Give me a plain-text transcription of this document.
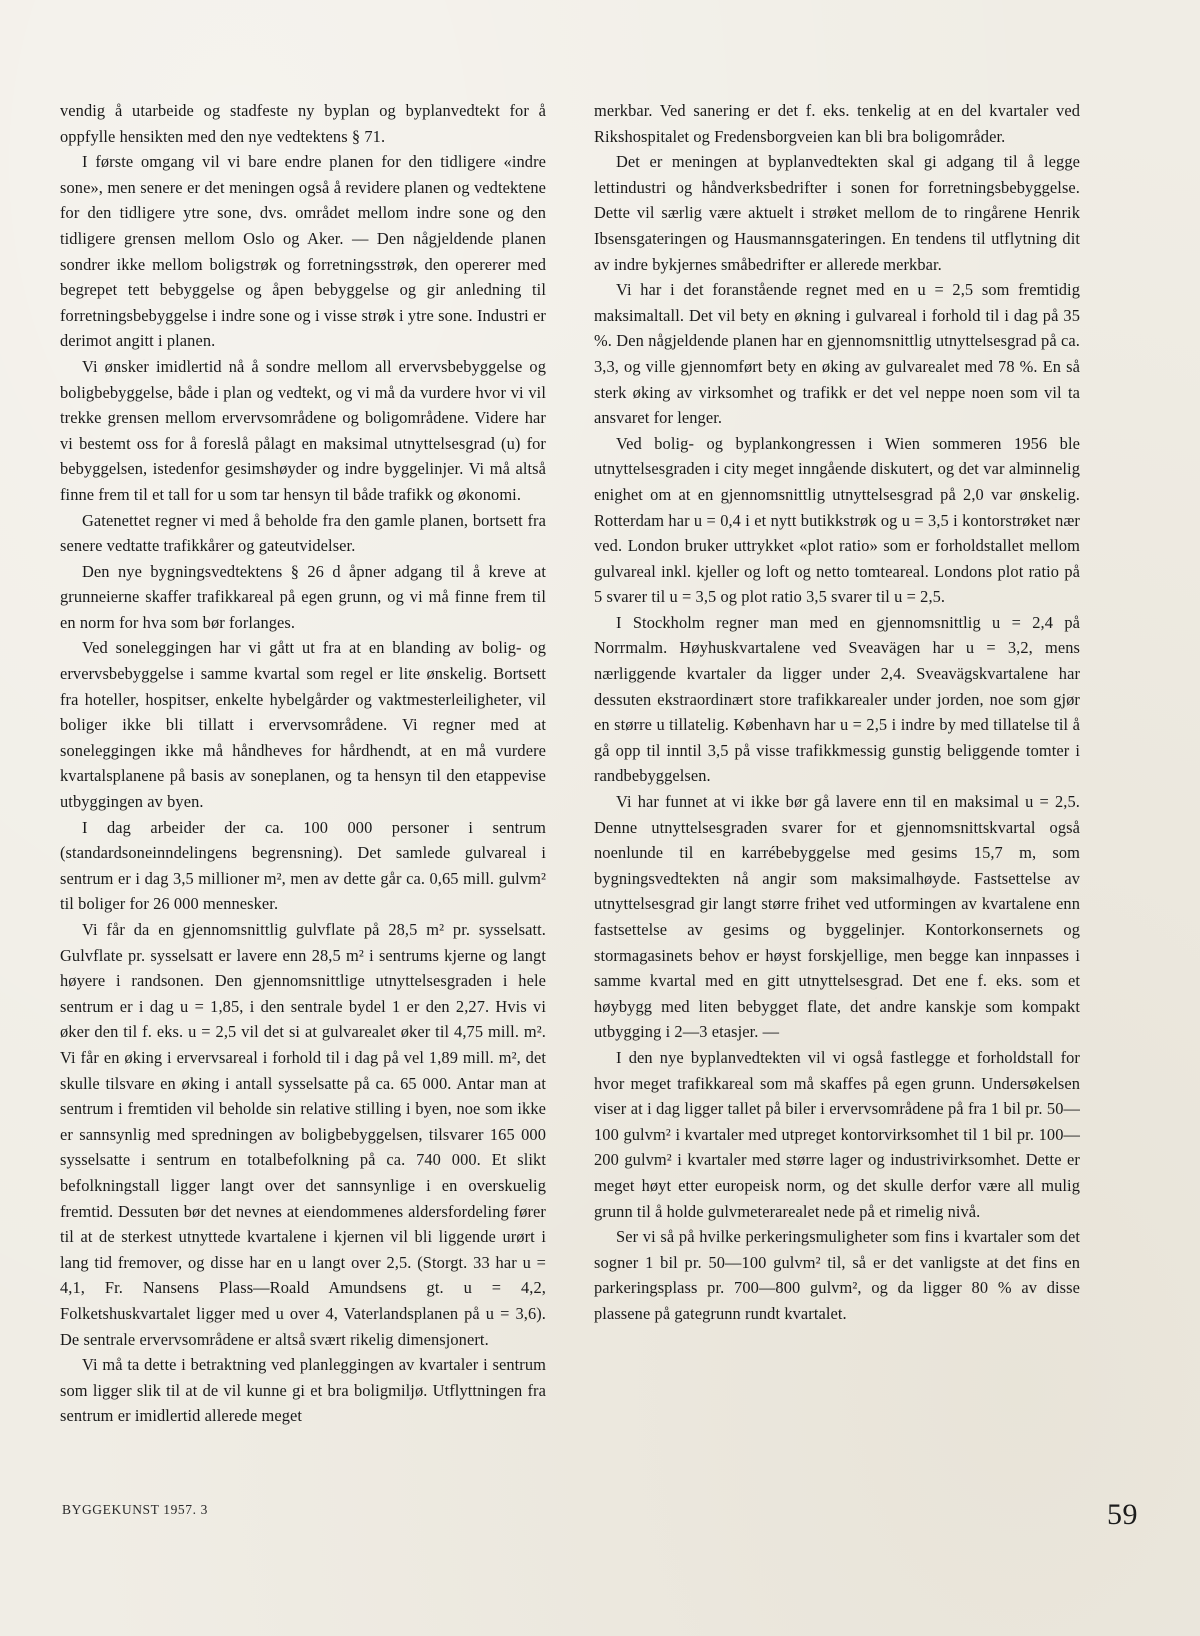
vendig å utarbeide og stadfeste ny byplan og byplanvedtekt for å oppfylle hensikten med den nye vedtektens § 71.

I første omgang vil vi bare endre planen for den tidligere «indre sone», men senere er det meningen også å revidere planen og vedtektene for den tidligere ytre sone, dvs. området mellom indre sone og den tidligere grensen mellom Oslo og Aker. — Den någjeldende planen sondrer ikke mellom boligstrøk og forretningsstrøk, den opererer med begrepet tett bebyggelse og åpen bebyggelse og gir anledning til forretningsbebyggelse i indre sone og i visse strøk i ytre sone. Industri er derimot angitt i planen.

Vi ønsker imidlertid nå å sondre mellom all ervervsbebyggelse og boligbebyggelse, både i plan og vedtekt, og vi må da vurdere hvor vi vil trekke grensen mellom ervervsområdene og boligområdene. Videre har vi bestemt oss for å foreslå pålagt en maksimal utnyttelsesgrad (u) for bebyggelsen, istedenfor gesimshøyder og indre byggelinjer. Vi må altså finne frem til et tall for u som tar hensyn til både trafikk og økonomi.

Gatenettet regner vi med å beholde fra den gamle planen, bortsett fra senere vedtatte trafikkårer og gateutvidelser.

Den nye bygningsvedtektens § 26 d åpner adgang til å kreve at grunneierne skaffer trafikkareal på egen grunn, og vi må finne frem til en norm for hva som bør forlanges.

Ved soneleggingen har vi gått ut fra at en blanding av bolig- og ervervsbebyggelse i samme kvartal som regel er lite ønskelig. Bortsett fra hoteller, hospitser, enkelte hybelgårder og vaktmesterleiligheter, vil boliger ikke bli tillatt i ervervsområdene. Vi regner med at soneleggingen ikke må håndheves for hårdhendt, at en må vurdere kvartalsplanene på basis av soneplanen, og ta hensyn til den etappevise utbyggingen av byen.

I dag arbeider der ca. 100 000 personer i sentrum (standardsoneinndelingens begrensning). Det samlede gulvareal i sentrum er i dag 3,5 millioner m², men av dette går ca. 0,65 mill. gulvm² til boliger for 26 000 mennesker.

Vi får da en gjennomsnittlig gulvflate på 28,5 m² pr. sysselsatt. Gulvflate pr. sysselsatt er lavere enn 28,5 m² i sentrums kjerne og langt høyere i randsonen. Den gjennomsnittlige utnyttelsesgraden i hele sentrum er i dag u = 1,85, i den sentrale bydel 1 er den 2,27. Hvis vi øker den til f. eks. u = 2,5 vil det si at gulvarealet øker til 4,75 mill. m². Vi får en øking i ervervsareal i forhold til i dag på vel 1,89 mill. m², det skulle tilsvare en øking i antall sysselsatte på ca. 65 000. Antar man at sentrum i fremtiden vil beholde sin relative stilling i byen, noe som ikke er sannsynlig med spredningen av boligbebyggelsen, tilsvarer 165 000 sysselsatte i sentrum en totalbefolkning på ca. 740 000. Et slikt befolkningstall ligger langt over det sannsynlige i en overskuelig fremtid. Dessuten bør det nevnes at eiendommenes aldersfordeling fører til at de sterkest utnyttede kvartalene i kjernen vil bli liggende urørt i lang tid fremover, og disse har en u langt over 2,5. (Storgt. 33 har u = 4,1, Fr. Nansens Plass—Roald Amundsens gt. u = 4,2, Folketshuskvartalet ligger med u over 4, Vaterlandsplanen på u = 3,6). De sentrale ervervsområdene er altså svært rikelig dimensjonert.

Vi må ta dette i betraktning ved planleggingen av kvartaler i sentrum som ligger slik til at de vil kunne gi et bra boligmiljø. Utflyttningen fra sentrum er imidlertid allerede meget

merkbar. Ved sanering er det f. eks. tenkelig at en del kvartaler ved Rikshospitalet og Fredensborgveien kan bli bra boligområder.

Det er meningen at byplanvedtekten skal gi adgang til å legge lettindustri og håndverksbedrifter i sonen for forretningsbebyggelse. Dette vil særlig være aktuelt i strøket mellom de to ringårene Henrik Ibsensgateringen og Hausmannsgateringen. En tendens til utflytning dit av indre bykjernes småbedrifter er allerede merkbar.

Vi har i det foranstående regnet med en u = 2,5 som fremtidig maksimaltall. Det vil bety en økning i gulvareal i forhold til i dag på 35 %. Den någjeldende planen har en gjennomsnittlig utnyttelsesgrad på ca. 3,3, og ville gjennomført bety en øking av gulvarealet med 78 %. En så sterk øking av virksomhet og trafikk er det vel neppe noen som vil ta ansvaret for lenger.

Ved bolig- og byplankongressen i Wien sommeren 1956 ble utnyttelsesgraden i city meget inngående diskutert, og det var alminnelig enighet om at en gjennomsnittlig utnyttelsesgrad på 2,0 var ønskelig. Rotterdam har u = 0,4 i et nytt butikkstrøk og u = 3,5 i kontorstrøket nær ved. London bruker uttrykket «plot ratio» som er forholdstallet mellom gulvareal inkl. kjeller og loft og netto tomteareal. Londons plot ratio på 5 svarer til u = 3,5 og plot ratio 3,5 svarer til u = 2,5.

I Stockholm regner man med en gjennomsnittlig u = 2,4 på Norrmalm. Høyhuskvartalene ved Sveavägen har u = 3,2, mens nærliggende kvartaler da ligger under 2,4. Sveavägskvartalene har dessuten ekstraordinært store trafikkarealer under jorden, noe som gjør en større u tillatelig. København har u = 2,5 i indre by med tillatelse til å gå opp til inntil 3,5 på visse trafikkmessig gunstig beliggende tomter i randbebyggelsen.

Vi har funnet at vi ikke bør gå lavere enn til en maksimal u = 2,5. Denne utnyttelsesgraden svarer for et gjennomsnittskvartal også noenlunde til en karrébebyggelse med gesims 15,7 m, som bygningsvedtekten nå angir som maksimalhøyde. Fastsettelse av utnyttelsesgrad gir langt større frihet ved utformingen av kvartalene enn fastsettelse av gesims og byggelinjer. Kontorkonsernets og stormagasinets behov er høyst forskjellige, men begge kan innpasses i samme kvartal med en gitt utnyttelsesgrad. Det ene f. eks. som et høybygg med liten bebygget flate, det andre kanskje som kompakt utbygging i 2—3 etasjer. —

I den nye byplanvedtekten vil vi også fastlegge et forholdstall for hvor meget trafikkareal som må skaffes på egen grunn. Undersøkelsen viser at i dag ligger tallet på biler i ervervsområdene på fra 1 bil pr. 50—100 gulvm² i kvartaler med utpreget kontorvirksomhet til 1 bil pr. 100—200 gulvm² i kvartaler med større lager og industrivirksomhet. Dette er meget høyt etter europeisk norm, og det skulle derfor være all mulig grunn til å holde gulvmeterarealet nede på et rimelig nivå.

Ser vi så på hvilke perkeringsmuligheter som fins i kvartaler som det sogner 1 bil pr. 50—100 gulvm² til, så er det vanligste at det fins en parkeringsplass pr. 700—800 gulvm², og da ligger 80 % av disse plassene på gategrunn rundt kvartalet.

BYGGEKUNST 1957. 3	59
